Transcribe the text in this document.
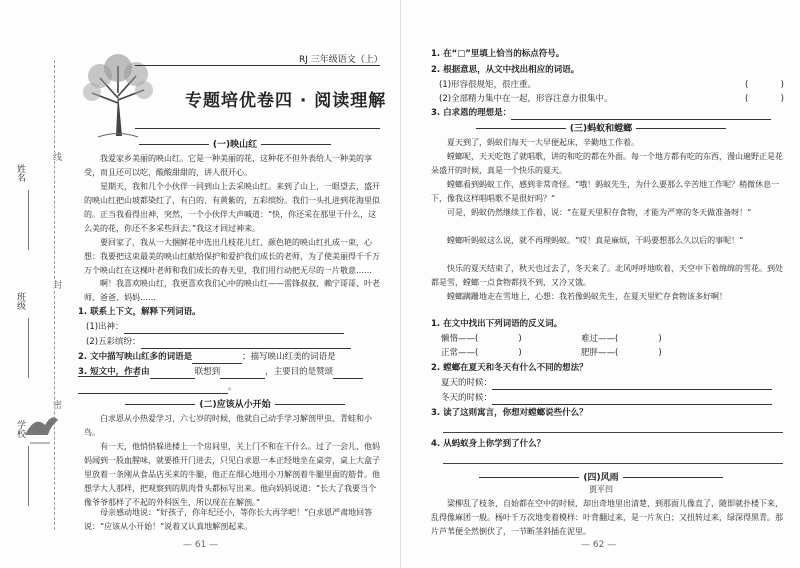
姓名
班级
学校
线
封
密
RJ 三年级语文（上）
专题培优卷四 · 阅读理解
(一)映山红
我爱家乡美丽的映山红。它是一种美丽的花，这种花不但外表给人一种美的享受，而且还可以吃，酸酸甜甜的，讲人很开心。
星期天，我和几个小伙伴一同到山上去采映山红。来到了山上，一眼望去，盛开的映山红把山坡都染红了，有白的、有黄紫的，五彩缤纷。我们一头扎进到花海里似的。 正当我看得出神，突然，一个小伙伴大声喊道：“快，你还采在那里干什么，这么美的花，你还不多采些回去。”我这才回过神来。
要回家了，我从一大捆鲜花中选出几枝花儿红、颜色艳的映山红扎成一束，心想：我要把这束最美的映山红献给保护和爱护我们成长的老师，为了使美丽得千千万万个映山红在这棵叶老师和我们成长的春天里，我们用行动把无尽的一片敬意……
啊！我喜欢映山红，我更喜欢我们心中的映山红——雷锋叔叔、赖宁哥哥、叶老师、爸爸、妈妈……
1. 联系上下文，解释下列词语。
(1)出神：
(2)五彩缤纷：
2. 文中描写映山红多的词语是	；描写映山红美的词语是
3. 短文中，作者由	联想到	，主要目的是赞颂
。
(二)应该从小开始
白求恩从小热爱学习，六七岁的时候，他就自己动手学习解剖甲虫、青蛙和小鸟。
有一天，他悄悄躲进楼上一个房间里，关上门不和在干什么。过了一会儿，他妈妈闻到一股血腥味，就要推开门进去，只见白求恩一本正经地坐在桌旁，桌上大盒子里放着一条刚从食品店买来的牛腿，他正在细心地用小刀解剖着牛腿里面的筋骨。他想学大人那样，把观察到的肌肉骨头都标写出来。他向妈妈说道：“长大了我要当个像爷爷那样了不起的外科医生，所以现在在解剖。”
母亲感动地说：“好孩子，你年纪还小，等你长大再学吧！”白求恩严肃地回答说：“应该从小开始！”说着又认真地解剖起来。
— 61 —
1. 在“□”里填上恰当的标点符号。
2. 根据意思，从文中找出相应的词语。
(1)形容很规矩，很庄重。	(            )
(2)全部精力集中在一起，形容注意力很集中。	(            )
3. 白求恩的理想是：
(三)蚂蚁和螳螂
夏天到了，蚂蚁们每天一大早便起床，辛勤地工作着。
螳螂呢，天天吃饱了就唱歌，讲的和吃的都在外面。每一个地方都有吃的东西，漫山遍野正是花朵盛开的时候，真是一个快乐的夏天。
螳螂看到蚂蚁工作，感到非常奇怪。“哦！蚂蚁先生，为什么要那么辛苦地工作呢？稍微休息一下，像我这样唱唱歌不是很好吗？”
可是，蚂蚁仍然继续工作着，说：“在夏天里积存食物，才能为严寒的冬天做准备呀！”
螳螂听蚂蚁这么说，就不再理蚂蚁。“哎！真是麻烦，干吗要想那么久以后的事呢！”
快乐的夏天结束了，秋天也过去了，冬天来了。北风呼呼地吹着，天空中下着绵绵的雪花。到处都是雪，螳螂一点食物都找不到，又冷又饿。
螳螂蹒跚地走在雪地上，心想：我若像蚂蚁先生，在夏天里贮存食物该多好啊！
1. 在文中找出下列词语的反义词。
懒惰——(	)	难过——(	)
正常——(	)	肥胖——(	)
2. 螳螂在夏天和冬天有什么不同的想法？
夏天的时候：
冬天的时候：
3. 读了这则寓言，你想对螳螂说些什么？
4. 从蚂蚁身上你学到了什么？
(四)风雨
贾平凹
梁柳乱了枝条，自始都在空中的时候，却出奇地里出清楚，到那面儿像直了，随即就扑楼下来，乱得像麻团一般。杨叶千万次地变着模样：叶背翻过来，是一片灰白；又扭转过来，绿深得黑青。那片芦苇便全然倒伏了，一节断茎斜插在泥里。
— 62 —
